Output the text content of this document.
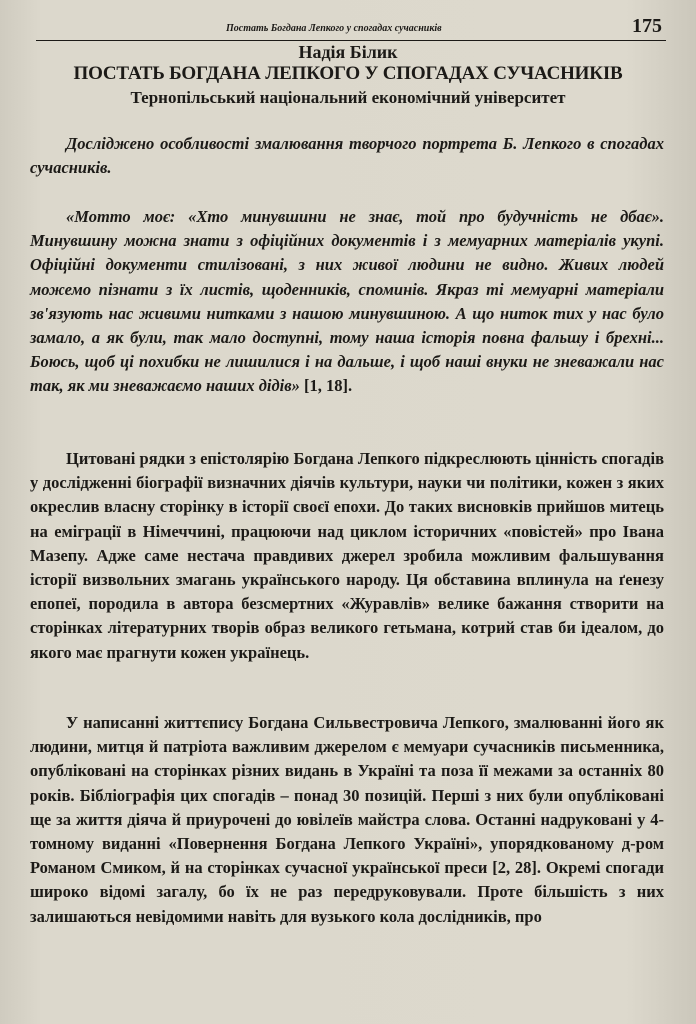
Постать Богдана Лепкого у спогадах сучасників	175
Надія Білик
ПОСТАТЬ БОГДАНА ЛЕПКОГО У СПОГАДАХ СУЧАСНИКІВ
Тернопільський національний економічний університет

Досліджено особливості змалювання творчого портрета Б. Лепкого в спогадах сучасників.

«Мотто моє: «Хто минувшини не знає, той про будучність не дбає». Минувшину можна знати з офіційних документів і з мемуарних матеріалів укупі. Офіційні документи стилізовані, з них живої людини не видно. Живих людей можемо пізнати з їх листів, щоденників, споминів. Якраз ті мемуарні матеріали зв'язують нас живими нитками з нашою минувшиною. А що ниток тих у нас було замало, а як були, так мало доступні, тому наша історія повна фальшу і брехні... Боюсь, щоб ці похибки не лишилися і на дальше, і щоб наші внуки не зневажали нас так, як ми зневажаємо наших дідів» [1, 18].

Цитовані рядки з епістолярію Богдана Лепкого підкреслюють цінність спогадів у дослідженні біографії визначних діячів культури, науки чи політики, кожен з яких окреслив власну сторінку в історії своєї епохи. До таких висновків прийшов митець на еміграції в Німеччині, працюючи над циклом історичних «повістей» про Івана Мазепу. Адже саме нестача правдивих джерел зробила можливим фальшування історії визвольних змагань українського народу. Ця обставина вплинула на ґенезу епопеї, породила в автора безсмертних «Журавлів» велике бажання створити на сторінках літературних творів образ великого гетьмана, котрий став би ідеалом, до якого має прагнути кожен українець.

У написанні життєпису Богдана Сильвестровича Лепкого, змалюванні його як людини, митця й патріота важливим джерелом є мемуари сучасників письменника, опубліковані на сторінках різних видань в Україні та поза її межами за останніх 80 років. Бібліографія цих спогадів – понад 30 позицій. Перші з них були опубліковані ще за життя діяча й приурочені до ювілеїв майстра слова. Останні надруковані у 4-томному виданні «Повернення Богдана Лепкого Україні», упорядкованому д-ром Романом Смиком, й на сторінках сучасної української преси [2, 28]. Окремі спогади широко відомі загалу, бо їх не раз передруковували. Проте більшість з них залишаються невідомими навіть для вузького кола дослідників, про
